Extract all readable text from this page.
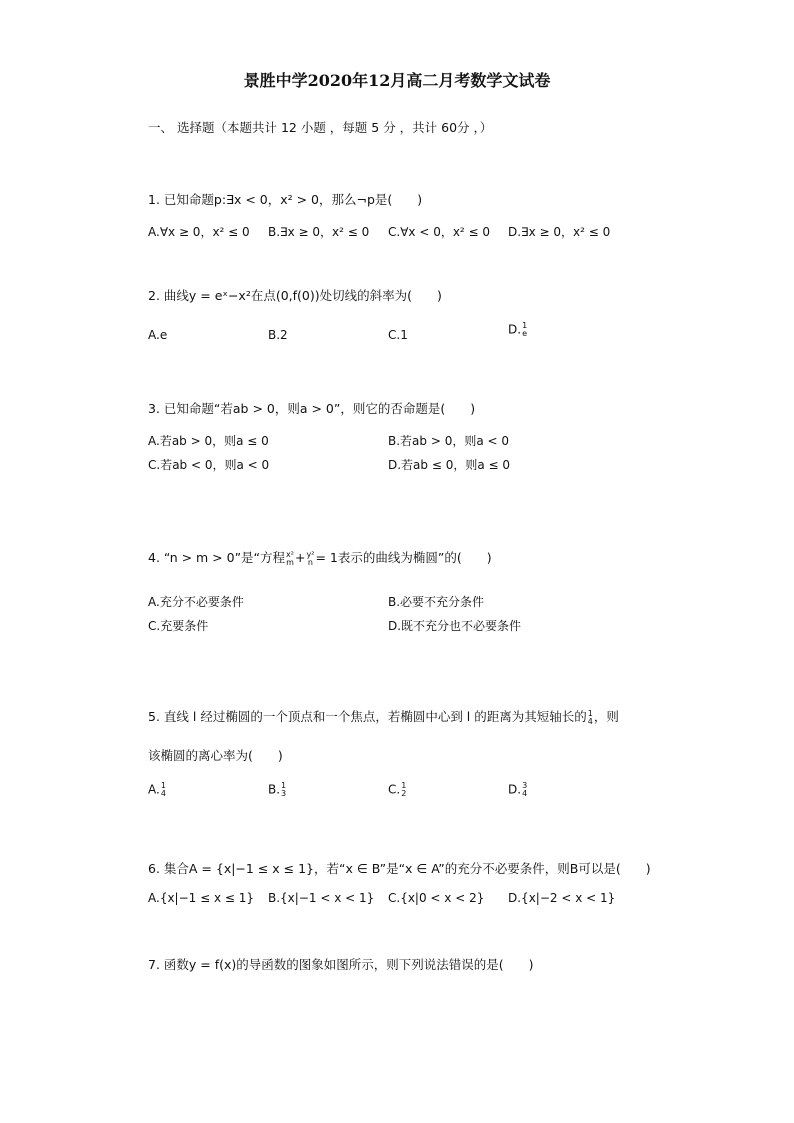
景胜中学2020年12月高二月考数学文试卷
一、 选择题（本题共计 12 小题 ，每题 5 分 ，共计 60分 ，）
1. 已知命题p:∃x < 0，x² > 0，那么¬p是(　　)
A.∀x ≥ 0，x² ≤ 0 B.∃x ≥ 0，x² ≤ 0 C.∀x < 0，x² ≤ 0 D.∃x ≥ 0，x² ≤ 0
2. 曲线y = eˣ−x²在点(0,f(0))处切线的斜率为(　　)
A.e	B.2	C.1	D. 1
e
3. 已知命题“若ab > 0，则a > 0”，则它的否命题是(　　)
A.若ab > 0，则a ≤ 0	B.若ab > 0，则a < 0
C.若ab < 0，则a < 0	D.若ab ≤ 0，则a ≤ 0
4. “n > m > 0”是“方程 x²
m + y²
n = 1表示的曲线为椭圆”的(　　)
A.充分不必要条件	B.必要不充分条件
C.充要条件	D.既不充分也不必要条件
5. 直线 l 经过椭圆的一个顶点和一个焦点，若椭圆中心到 l 的距离为其短轴长的 1
4 ，则
该椭圆的离心率为(　　)
A. 1
4	B. 1
3	C. 1
2	D. 3
4
6. 集合A = {x|−1 ≤ x ≤ 1}，若“x ∈ B”是“x ∈ A”的充分不必要条件，则B可以是(　　)
A.{x|−1 ≤ x ≤ 1} B.{x|−1 < x < 1} C.{x|0 < x < 2} D.{x|−2 < x < 1}
7. 函数y = f(x)的导函数的图象如图所示，则下列说法错误的是(　　)
